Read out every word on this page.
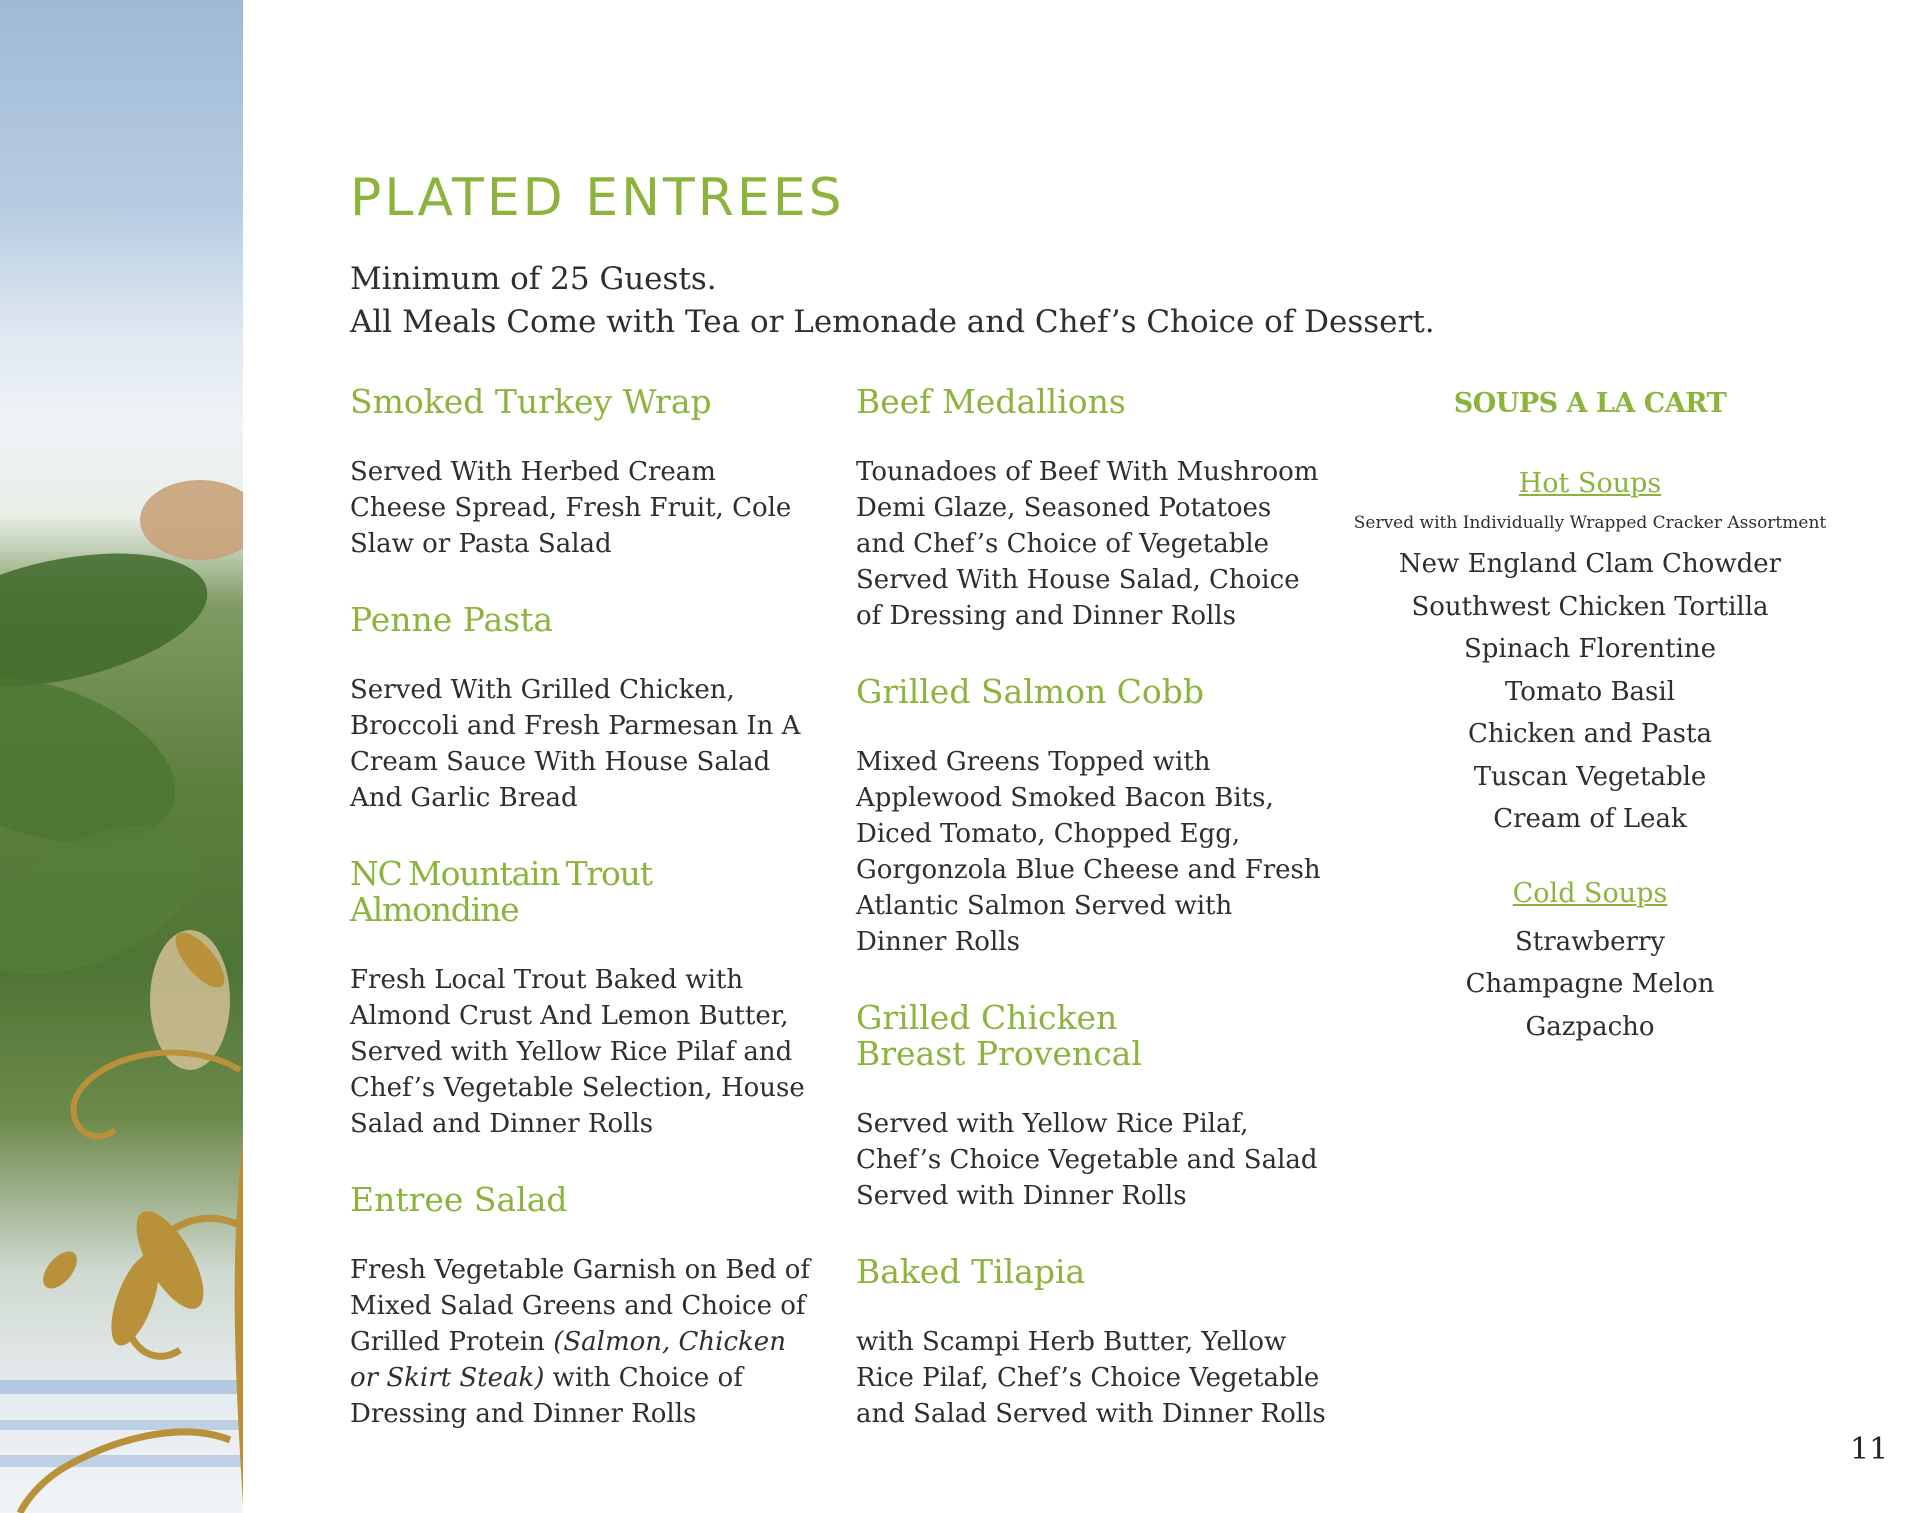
PLATED ENTREES
Minimum of 25 Guests.
All Meals Come with Tea or Lemonade and Chef’s Choice of Dessert.
Smoked Turkey Wrap

Served With Herbed Cream Cheese Spread, Fresh Fruit, Cole Slaw or Pasta Salad

Penne Pasta

Served With Grilled Chicken, Broccoli and Fresh Parmesan In A Cream Sauce With House Salad And Garlic Bread

NC Mountain Trout Almondine

Fresh Local Trout Baked with Almond Crust And Lemon Butter, Served with Yellow Rice Pilaf and Chef’s Vegetable Selection, House Salad and Dinner Rolls

Entree Salad

Fresh Vegetable Garnish on Bed of Mixed Salad Greens and Choice of Grilled Protein (Salmon, Chicken or Skirt Steak) with Choice of Dressing and Dinner Rolls

Beef Medallions

Tounadoes of Beef With Mushroom Demi Glaze, Seasoned Potatoes and Chef’s Choice of Vegetable
Served With House Salad, Choice of Dressing and Dinner Rolls

Grilled Salmon Cobb

Mixed Greens Topped with Applewood Smoked Bacon Bits, Diced Tomato, Chopped Egg, Gorgonzola Blue Cheese and Fresh Atlantic Salmon Served with Dinner Rolls

Grilled Chicken Breast Provencal

Served with Yellow Rice Pilaf, Chef’s Choice Vegetable and Salad Served with Dinner Rolls

Baked Tilapia

with Scampi Herb Butter, Yellow Rice Pilaf, Chef’s Choice Vegetable and Salad Served with Dinner Rolls

SOUPS A LA CART
Hot Soups
Served with Individually Wrapped Cracker Assortment
New England Clam Chowder
Southwest Chicken Tortilla
Spinach Florentine
Tomato Basil
Chicken and Pasta
Tuscan Vegetable
Cream of Leak
Cold Soups
Strawberry
Champagne Melon
Gazpacho
11
